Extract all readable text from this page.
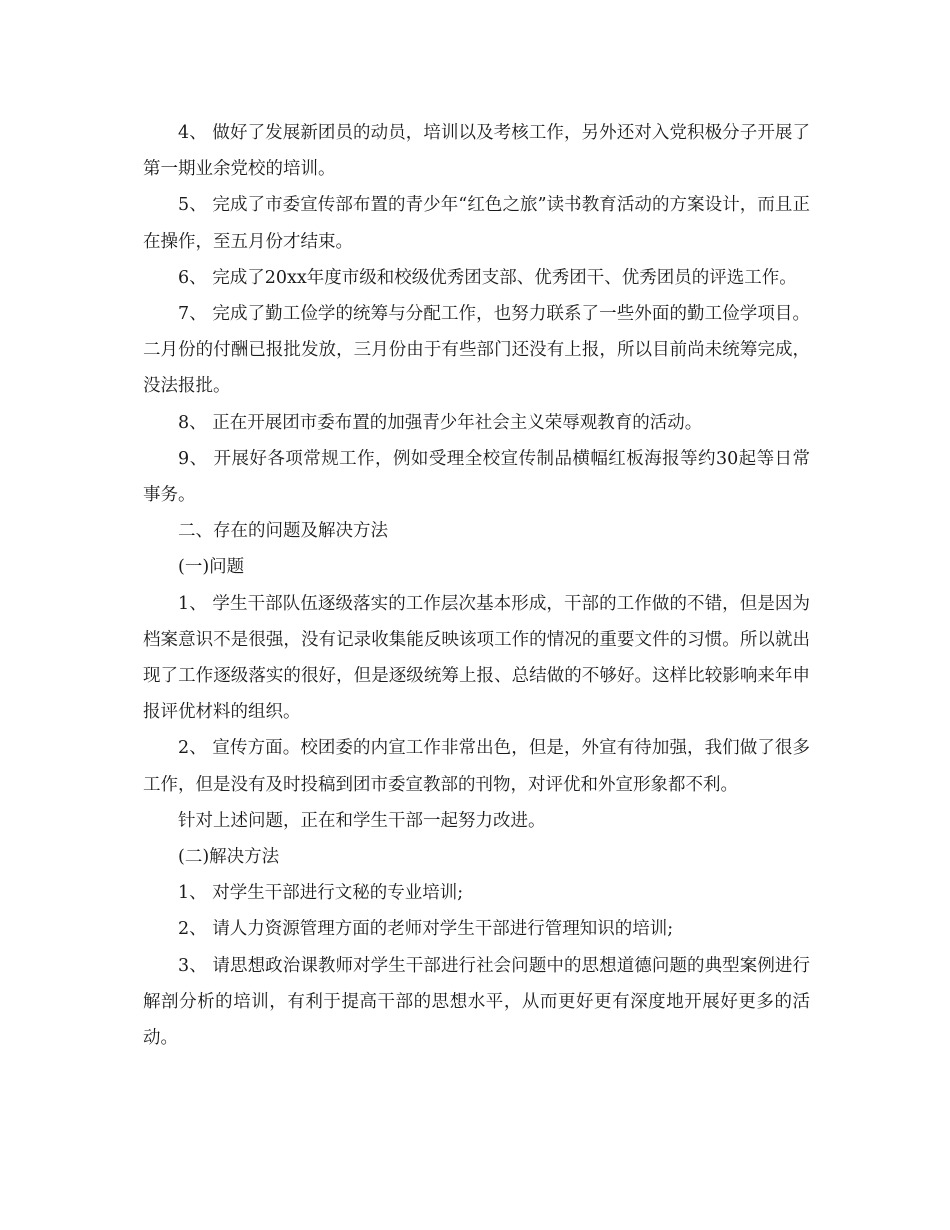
4、 做好了发展新团员的动员，培训以及考核工作，另外还对入党积极分子开展了第一期业余党校的培训。

5、 完成了市委宣传部布置的青少年“红色之旅”读书教育活动的方案设计，而且正在操作，至五月份才结束。

6、 完成了20xx年度市级和校级优秀团支部、优秀团干、优秀团员的评选工作。

7、 完成了勤工俭学的统筹与分配工作，也努力联系了一些外面的勤工俭学项目。二月份的付酬已报批发放，三月份由于有些部门还没有上报，所以目前尚未统筹完成，没法报批。

8、 正在开展团市委布置的加强青少年社会主义荣辱观教育的活动。

9、 开展好各项常规工作，例如受理全校宣传制品横幅红板海报等约30起等日常事务。

二、存在的问题及解决方法

(一)问题

1、 学生干部队伍逐级落实的工作层次基本形成，干部的工作做的不错，但是因为档案意识不是很强，没有记录收集能反映该项工作的情况的重要文件的习惯。所以就出现了工作逐级落实的很好，但是逐级统筹上报、总结做的不够好。这样比较影响来年申报评优材料的组织。

2、 宣传方面。校团委的内宣工作非常出色，但是，外宣有待加强，我们做了很多工作，但是没有及时投稿到团市委宣教部的刊物，对评优和外宣形象都不利。

针对上述问题，正在和学生干部一起努力改进。

(二)解决方法

1、 对学生干部进行文秘的专业培训;

2、 请人力资源管理方面的老师对学生干部进行管理知识的培训;

3、 请思想政治课教师对学生干部进行社会问题中的思想道德问题的典型案例进行解剖分析的培训，有利于提高干部的思想水平，从而更好更有深度地开展好更多的活动。
